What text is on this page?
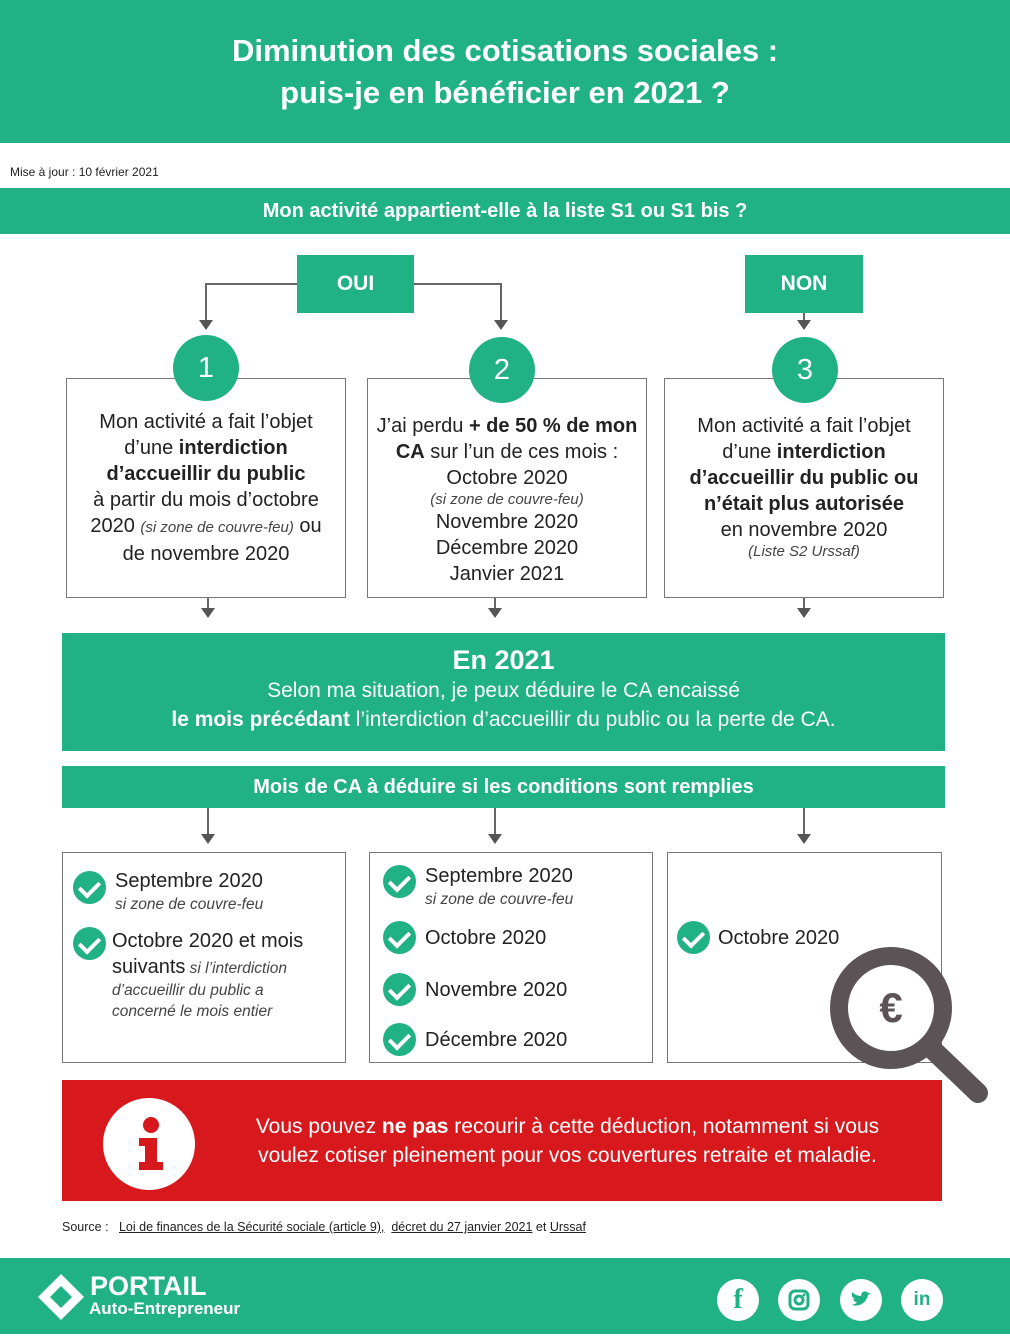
Diminution des cotisations sociales :
puis-je en bénéficier en 2021 ?
Mise à jour : 10 février 2021
Mon activité appartient-elle à la liste S1 ou S1 bis ?
OUI	NON
Mon activité a fait l’objet
d’une interdiction
d’accueillir du public
à partir du mois d’octobre
2020 (si zone de couvre-feu) ou
de novembre 2020
J’ai perdu + de 50 % de mon
CA sur l’un de ces mois :
Octobre 2020
(si zone de couvre-feu)
Novembre 2020
Décembre 2020
Janvier 2021
Mon activité a fait l’objet
d’une interdiction
d’accueillir du public ou
n’était plus autorisée
en novembre 2020
(Liste S2 Urssaf)
1	2	3
En 2021
Selon ma situation, je peux déduire le CA encaissé
le mois précédant l’interdiction d’accueillir du public ou la perte de CA.
Mois de CA à déduire si les conditions sont remplies
Septembre 2020
si zone de couvre-feu
Octobre 2020 et mois
suivants si l’interdiction
d’accueillir du public a
concerné le mois entier
Septembre 2020
si zone de couvre-feu
Octobre 2020
Novembre 2020
Décembre 2020
Octobre 2020
€
Vous pouvez ne pas recourir à cette déduction, notamment si vous
voulez cotiser pleinement pour vos couvertures retraite et maladie.
Source :   Loi de finances de la Sécurité sociale (article 9), décret du 27 janvier 2021 et Urssaf
PORTAIL
Auto-Entrepreneur	f	in
